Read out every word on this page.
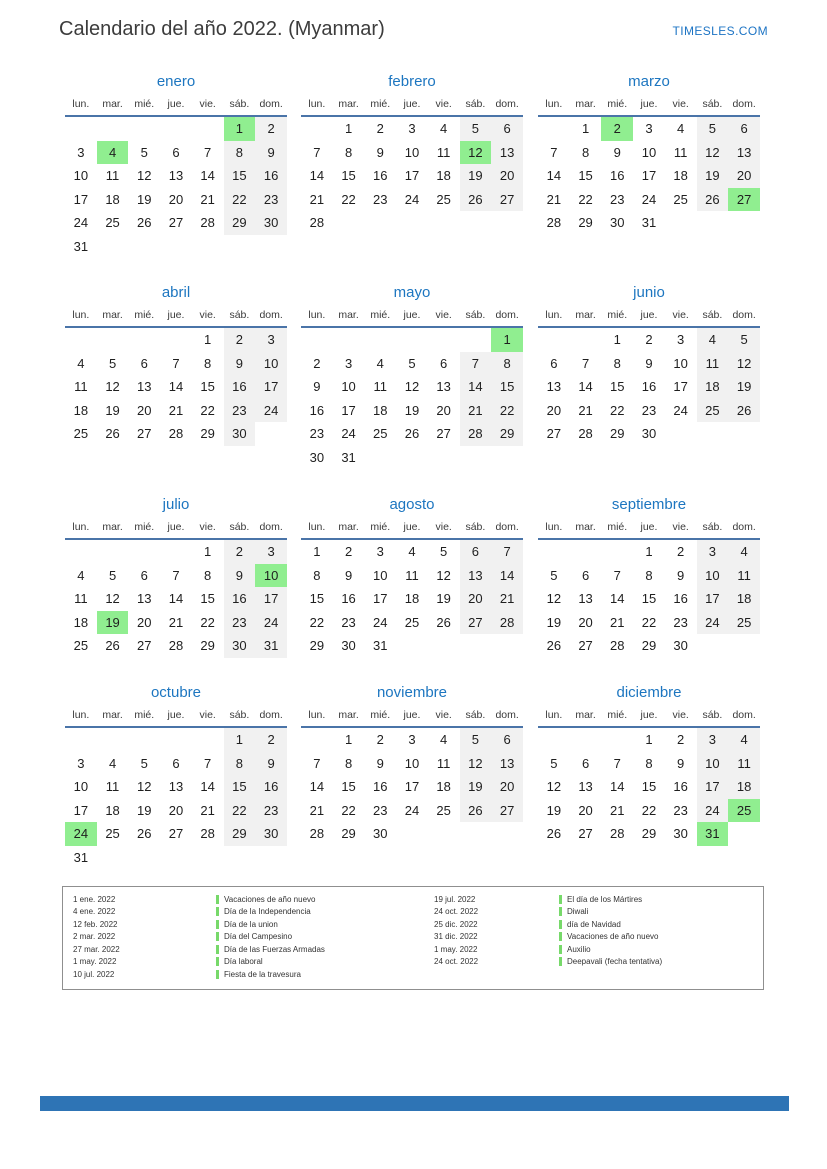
Calendario del año 2022. (Myanmar)	TIMESLES.COM
enero
lun.	mar.	mié.	jue.	vie.	sáb.	dom.
					1	2
3	4	5	6	7	8	9
10	11	12	13	14	15	16
17	18	19	20	21	22	23
24	25	26	27	28	29	30
31						
febrero
lun.	mar.	mié.	jue.	vie.	sáb.	dom.
	1	2	3	4	5	6
7	8	9	10	11	12	13
14	15	16	17	18	19	20
21	22	23	24	25	26	27
28						
marzo
lun.	mar.	mié.	jue.	vie.	sáb.	dom.
	1	2	3	4	5	6
7	8	9	10	11	12	13
14	15	16	17	18	19	20
21	22	23	24	25	26	27
28	29	30	31			
abril
lun.	mar.	mié.	jue.	vie.	sáb.	dom.
				1	2	3
4	5	6	7	8	9	10
11	12	13	14	15	16	17
18	19	20	21	22	23	24
25	26	27	28	29	30	
mayo
lun.	mar.	mié.	jue.	vie.	sáb.	dom.
						1
2	3	4	5	6	7	8
9	10	11	12	13	14	15
16	17	18	19	20	21	22
23	24	25	26	27	28	29
30	31					
junio
lun.	mar.	mié.	jue.	vie.	sáb.	dom.
		1	2	3	4	5
6	7	8	9	10	11	12
13	14	15	16	17	18	19
20	21	22	23	24	25	26
27	28	29	30			
julio
lun.	mar.	mié.	jue.	vie.	sáb.	dom.
				1	2	3
4	5	6	7	8	9	10
11	12	13	14	15	16	17
18	19	20	21	22	23	24
25	26	27	28	29	30	31
agosto
lun.	mar.	mié.	jue.	vie.	sáb.	dom.
1	2	3	4	5	6	7
8	9	10	11	12	13	14
15	16	17	18	19	20	21
22	23	24	25	26	27	28
29	30	31				
septiembre
lun.	mar.	mié.	jue.	vie.	sáb.	dom.
			1	2	3	4
5	6	7	8	9	10	11
12	13	14	15	16	17	18
19	20	21	22	23	24	25
26	27	28	29	30		
octubre
lun.	mar.	mié.	jue.	vie.	sáb.	dom.
					1	2
3	4	5	6	7	8	9
10	11	12	13	14	15	16
17	18	19	20	21	22	23
24	25	26	27	28	29	30
31						
noviembre
lun.	mar.	mié.	jue.	vie.	sáb.	dom.
	1	2	3	4	5	6
7	8	9	10	11	12	13
14	15	16	17	18	19	20
21	22	23	24	25	26	27
28	29	30				
diciembre
lun.	mar.	mié.	jue.	vie.	sáb.	dom.
			1	2	3	4
5	6	7	8	9	10	11
12	13	14	15	16	17	18
19	20	21	22	23	24	25
26	27	28	29	30	31	
1 ene. 2022	Vacaciones de año nuevo
4 ene. 2022	Día de la Independencia
12 feb. 2022	Día de la union
2 mar. 2022	Día del Campesino
27 mar. 2022	Día de las Fuerzas Armadas
1 may. 2022	Día laboral
10 jul. 2022	Fiesta de la travesura
19 jul. 2022	El día de los Mártires
24 oct. 2022	Diwali
25 dic. 2022	día de Navidad
31 dic. 2022	Vacaciones de año nuevo
1 may. 2022	Auxilio
24 oct. 2022	Deepavali (fecha tentativa)
